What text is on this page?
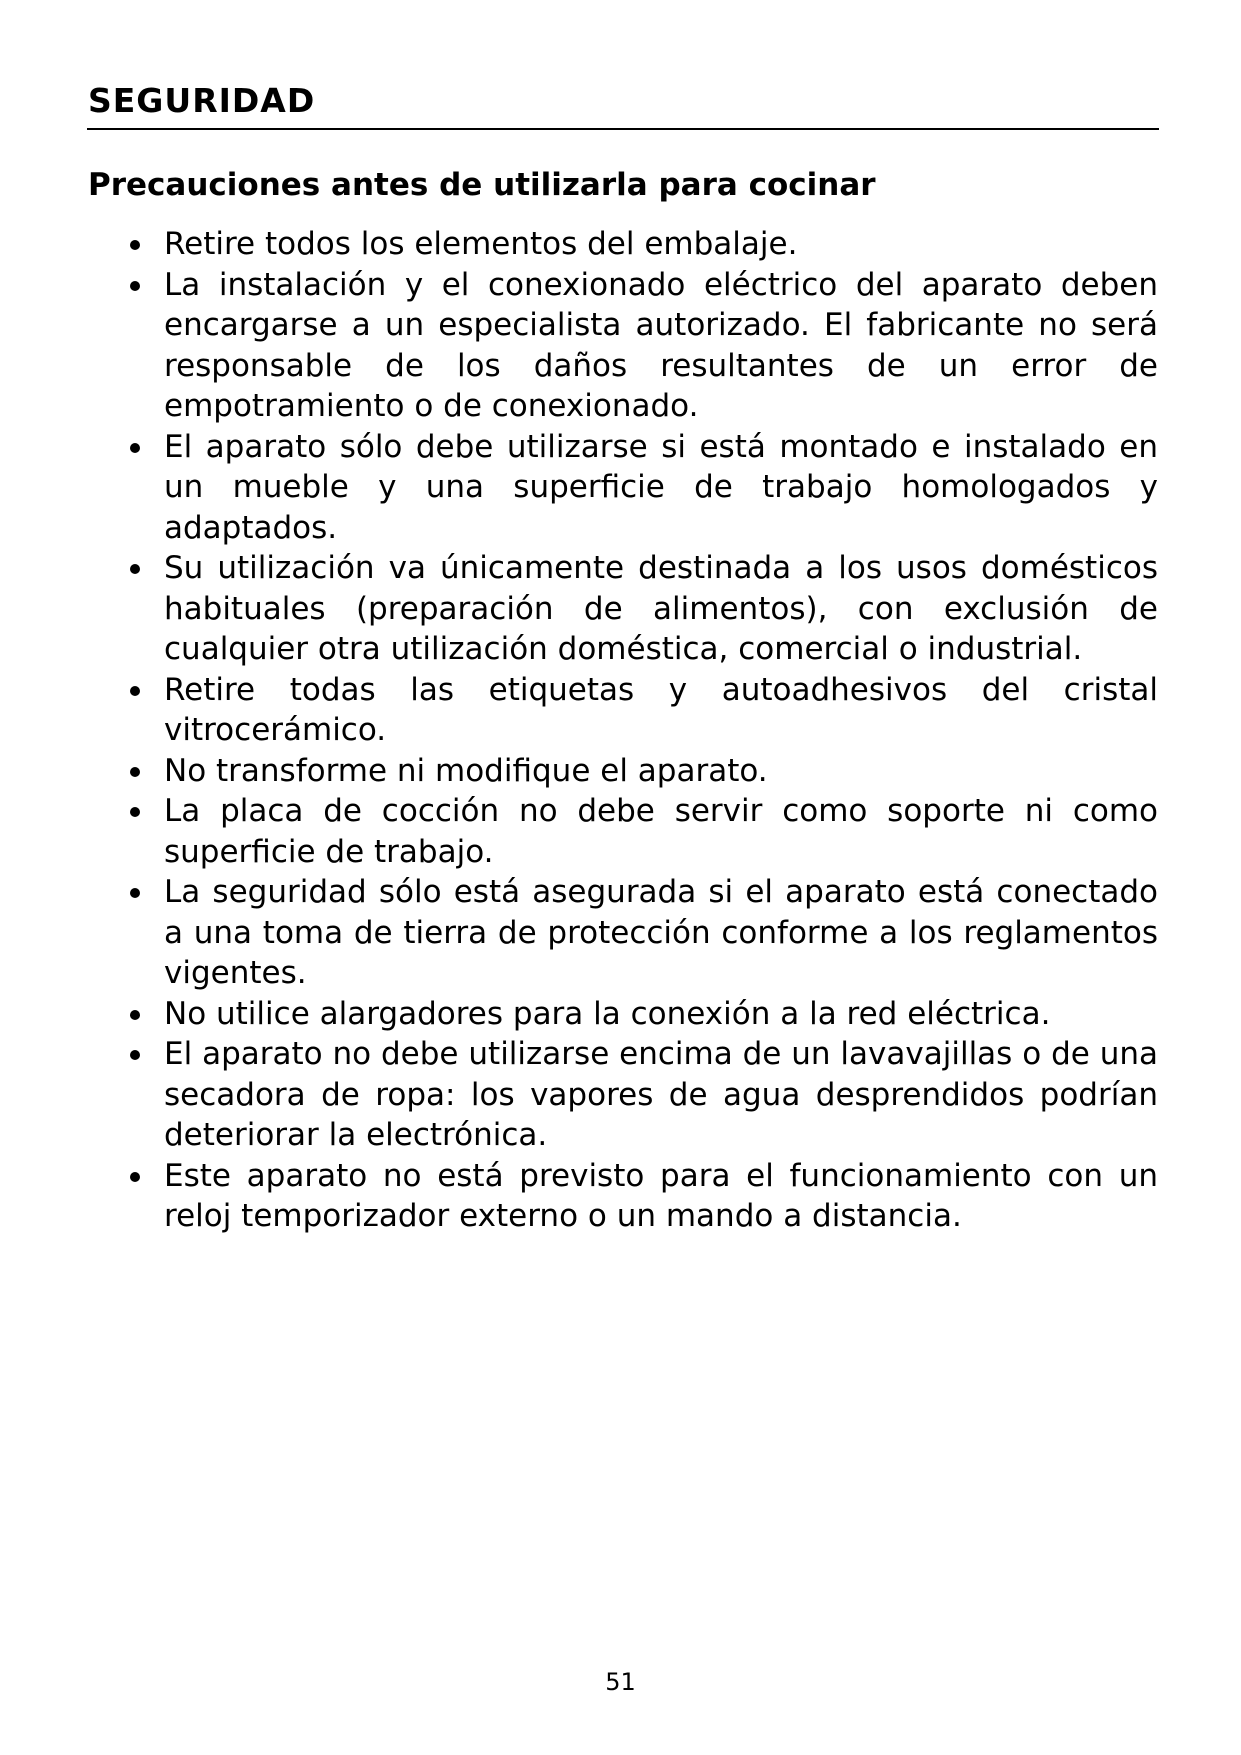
SEGURIDAD
Precauciones antes de utilizarla para cocinar
Retire todos los elementos del embalaje.
La instalación y el conexionado eléctrico del aparato deben encargarse a un especialista autorizado. El fabricante no será responsable de los daños resultantes de un error de empotramiento o de conexionado.
El aparato sólo debe utilizarse si está montado e instalado en un mueble y una superficie de trabajo homologados y adaptados.
Su utilización va únicamente destinada a los usos domésticos habituales (preparación de alimentos), con exclusión de cualquier otra utilización doméstica, comercial o industrial.
Retire todas las etiquetas y autoadhesivos del cristal vitrocerámico.
No transforme ni modifique el aparato.
La placa de cocción no debe servir como soporte ni como superficie de trabajo.
La seguridad sólo está asegurada si el aparato está conectado a una toma de tierra de protección conforme a los reglamentos vigentes.
No utilice alargadores para la conexión a la red eléctrica.
El aparato no debe utilizarse encima de un lavavajillas o de una secadora de ropa: los vapores de agua desprendidos podrían deteriorar la electrónica.
Este aparato no está previsto para el funcionamiento con un reloj temporizador externo o un mando a distancia.
51
